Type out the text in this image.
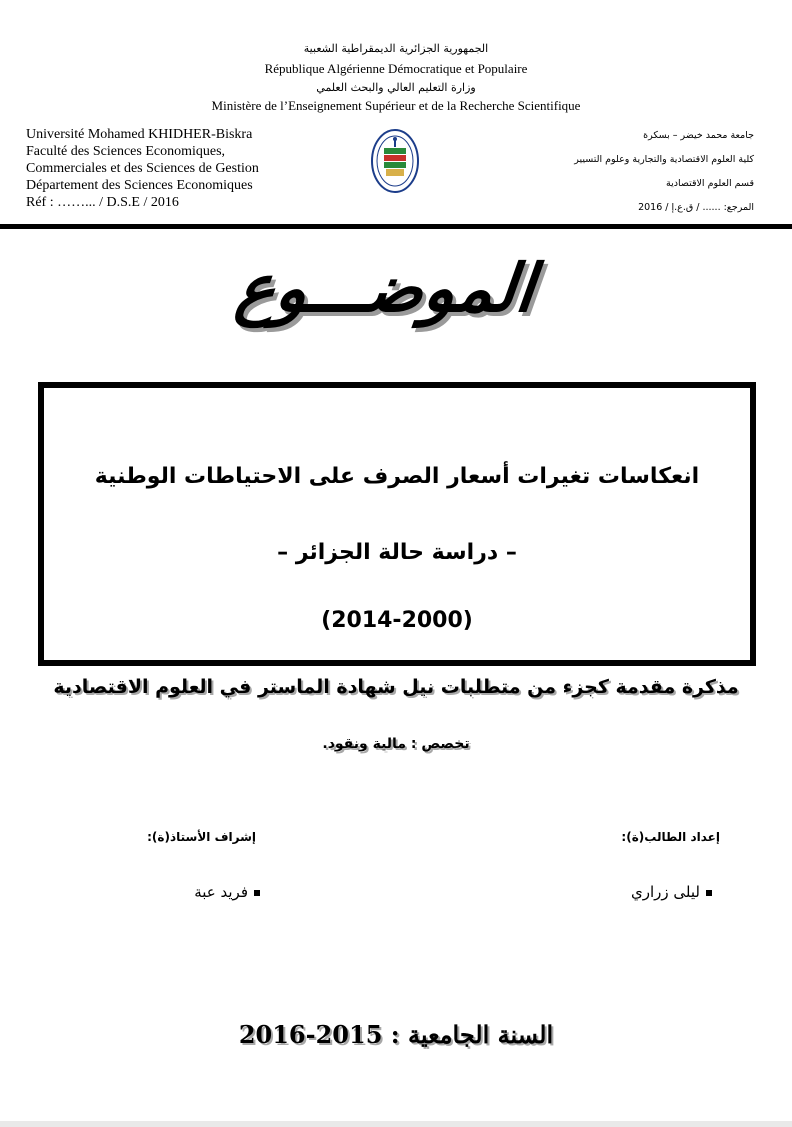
الجمهورية الجزائرية الديمقراطية الشعبية
République Algérienne Démocratique et Populaire
وزارة التعليم العالي والبحث العلمي
Ministère de l’Enseignement Supérieur et de la Recherche Scientifique
Université Mohamed KHIDHER-Biskra
Faculté des Sciences Economiques,
Commerciales et des Sciences de Gestion
Département des Sciences Economiques
Réf : ……... / D.S.E / 2016
جامعة محمد خيضر – بسكرة
كلية العلوم الاقتصادية والتجارية وعلوم التسيير
قسم العلوم الاقتصادية
المرجع: ...... / ق.ع.إ / 2016
الموضـــوع
انعكاسات تغيرات أسعار الصرف على الاحتياطات الوطنية
– دراسة حالة الجزائر –
(2014-2000)
مذكرة مقدمة كجزء من متطلبات نيل شهادة الماستر في العلوم الاقتصادية
تخصص : مالية ونقود.
إعداد الطالب(ة):
إشراف الأستاذ(ة):
ليلى زراري
فريد عبة
السنة الجامعية : 2015-2016
